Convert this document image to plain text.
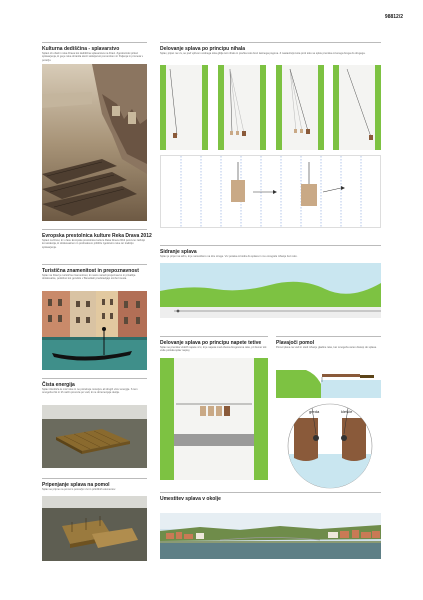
98812/2
Kulturna dediščina - splavarstvo
Splavi ob obali in reka Drava kot dediščina splavarstva na Dravi. Zgodovinski prikaz splavarjenja, ki ga je reka ohranila skozi stoletja kot pomemben vir življenja in prometa v porečju.
Evropska prestolnica kulture Reka Drava 2012
Splavi na Dravi, ki v času Evropske prestolnice kulture Reka Drava 2012 ponovno zaživijo kot atrakcija, ki obiskovalcem in prebivalcem približa zgodovino reke ter tradicijo splavarjenja.
Turistična znamenitost in prepoznavnost
Splav na Dravi je turistična znamenitost, ki mesto naredi prepoznavno in privablja obiskovalce, podobno kot gondole v Benetkah predstavljajo simbol mesta.
Čista energija
Splav izkorišča le moč reke in ne potrebuje motorjev ali drugih virov energije. S tem omogoča čist in tih način prevoza po vodi, ki ne obremenjuje okolja.
Pripenjanje splava na pomol
Splav se pripne na pomol s pomočjo vrvi in pritrdilnih elementov.
Delovanje splava po principu nihala
Splav, pripet na vrv, se pod vplivom vodnega toka giblje kot nihalo in prečka reko brez lastnega pogona. Z nastavitvijo kota proti toku se splav premika od enega brega do drugega.
Sidranje splava
Splav je pripet na sidro, ki je nameščeno na dnu struge. Vrv poteka od sidra do splava in mu omogoča nihanje čez reko.
Delovanje splava po principu napete tetive
Splav se premika vzdolž napete vrvi, ki je napeta med obema bregovoma reke, pri čemer tok vode potiska splav naprej.
Plavajoči pomol
Pomol plava na vodi in sledi nihanju gladine reke, kar omogoča varen dostop do splava.
greda	klešče
Umestitev splava v okolje
